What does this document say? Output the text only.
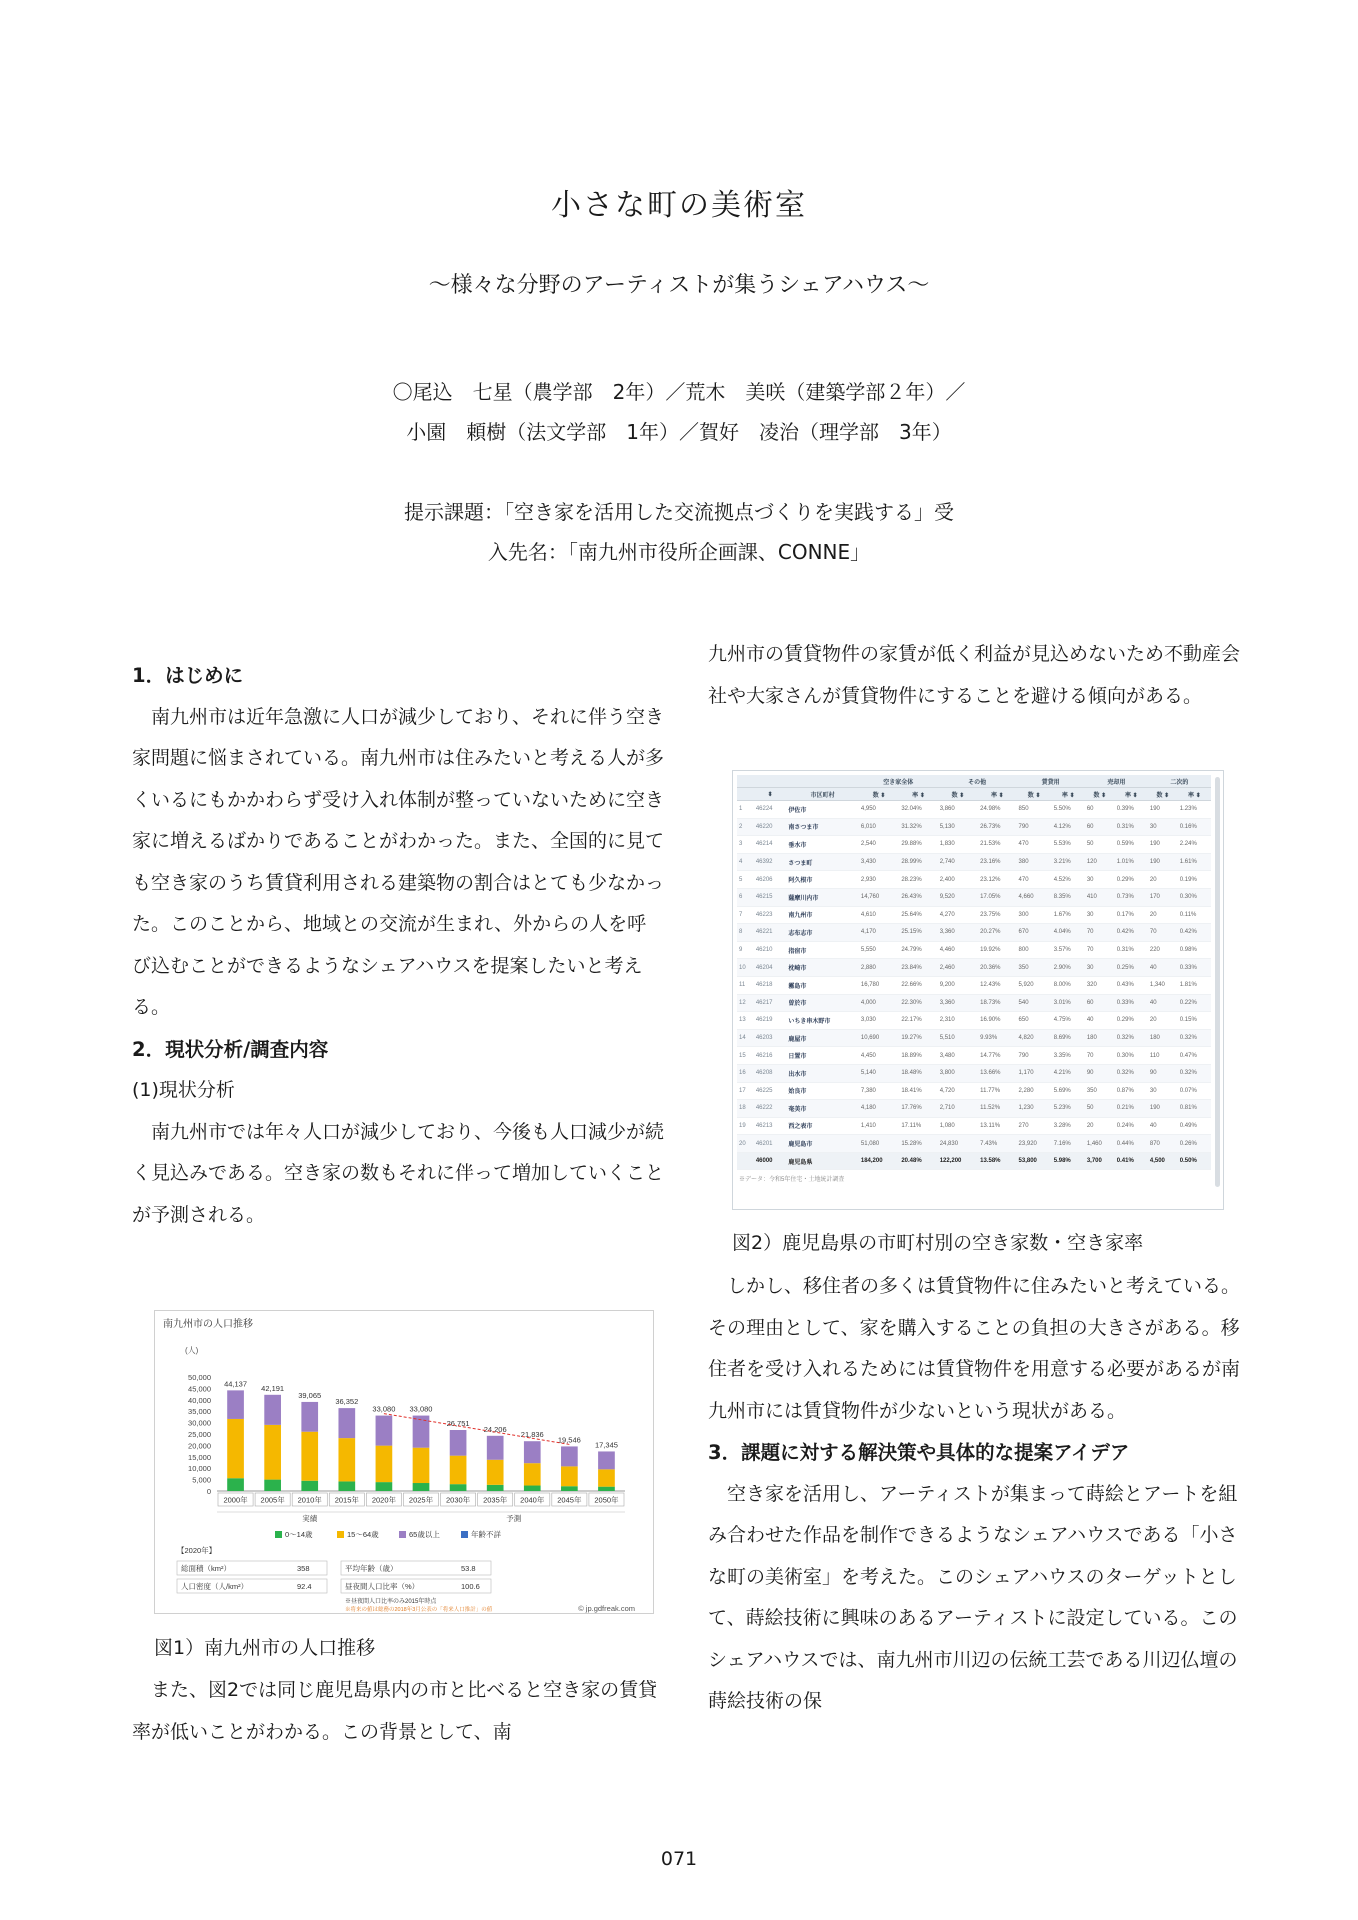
小さな町の美術室
～様々な分野のアーティストが集うシェアハウス～
〇尾込　七星（農学部　2年）／荒木　美咲（建築学部２年）／
小園　頼樹（法文学部　1年）／賀好　凌治（理学部　3年）
提示課題：「空き家を活用した交流拠点づくりを実践する」受
入先名：「南九州市役所企画課、CONNE」
1．はじめに

南九州市は近年急激に人口が減少しており、それに伴う空き家問題に悩まされている。南九州市は住みたいと考える人が多くいるにもかかわらず受け入れ体制が整っていないために空き家に増えるばかりであることがわかった。また、全国的に見ても空き家のうち賃貸利用される建築物の割合はとても少なかった。このことから、地域との交流が生まれ、外からの人を呼び込むことができるようなシェアハウスを提案したいと考える。

2．現状分析/調査内容

(1)現状分析

南九州市では年々人口が減少しており、今後も人口減少が続く見込みである。空き家の数もそれに伴って増加していくことが予測される。

南九州市の人口推移
(人)
50,000
45,000
40,000
35,000
30,000
25,000
20,000
15,000
10,000
5,000
0
44,137
2000年
42,191
2005年
39,065
2010年
36,352
2015年
33,080
2020年
33,080
2025年
26,751
2030年
24,206
2035年
21,836
2040年
19,546
2045年
17,345
2050年
実績	予測
0～14歳	15～64歳	65歳以上	年齢不詳
【2020年】
総面積（km²）	358
人口密度（人/km²）	92.4
平均年齢（歳）	53.8
昼夜間人口比率（%）	100.6
※昼夜間人口比率のみ2015年時点
※将来の値は総務の2018年3月公表の「将来人口推計」の値	© jp.gdfreak.com
図1）南九州市の人口推移
また、図2では同じ鹿児島県内の市と比べると空き家の賃貸率が低いことがわかる。この背景として、南
九州市の賃貸物件の家賃が低く利益が見込めないため不動産会社や大家さんが賃貸物件にすることを避ける傾向がある。
			空き家全体		その他		賃貸用		売却用		二次的	
	⬍	市区町村	数 ⬍	率 ⬍	数 ⬍	率 ⬍	数 ⬍	率 ⬍	数 ⬍	率 ⬍	数 ⬍	率 ⬍
1	46224	伊佐市	4,950	32.04%	3,860	24.98%	850	5.50%	60	0.39%	190	1.23%
2	46220	南さつま市	6,010	31.32%	5,130	26.73%	790	4.12%	60	0.31%	30	0.16%
3	46214	垂水市	2,540	29.88%	1,830	21.53%	470	5.53%	50	0.59%	190	2.24%
4	46392	さつま町	3,430	28.99%	2,740	23.16%	380	3.21%	120	1.01%	190	1.61%
5	46206	阿久根市	2,930	28.23%	2,400	23.12%	470	4.52%	30	0.29%	20	0.19%
6	46215	薩摩川内市	14,760	26.43%	9,520	17.05%	4,660	8.35%	410	0.73%	170	0.30%
7	46223	南九州市	4,610	25.64%	4,270	23.75%	300	1.67%	30	0.17%	20	0.11%
8	46221	志布志市	4,170	25.15%	3,360	20.27%	670	4.04%	70	0.42%	70	0.42%
9	46210	指宿市	5,550	24.79%	4,460	19.92%	800	3.57%	70	0.31%	220	0.98%
10	46204	枕崎市	2,880	23.84%	2,460	20.36%	350	2.90%	30	0.25%	40	0.33%
11	46218	霧島市	16,780	22.66%	9,200	12.43%	5,920	8.00%	320	0.43%	1,340	1.81%
12	46217	曽於市	4,000	22.30%	3,360	18.73%	540	3.01%	60	0.33%	40	0.22%
13	46219	いちき串木野市	3,030	22.17%	2,310	16.90%	650	4.75%	40	0.29%	20	0.15%
14	46203	鹿屋市	10,690	19.27%	5,510	9.93%	4,820	8.69%	180	0.32%	180	0.32%
15	46216	日置市	4,450	18.89%	3,480	14.77%	790	3.35%	70	0.30%	110	0.47%
16	46208	出水市	5,140	18.48%	3,800	13.66%	1,170	4.21%	90	0.32%	90	0.32%
17	46225	姶良市	7,380	18.41%	4,720	11.77%	2,280	5.69%	350	0.87%	30	0.07%
18	46222	奄美市	4,180	17.76%	2,710	11.52%	1,230	5.23%	50	0.21%	190	0.81%
19	46213	西之表市	1,410	17.11%	1,080	13.11%	270	3.28%	20	0.24%	40	0.49%
20	46201	鹿児島市	51,080	15.28%	24,830	7.43%	23,920	7.16%	1,460	0.44%	870	0.26%
	46000	鹿児島県	184,200	20.48%	122,200	13.58%	53,800	5.98%	3,700	0.41%	4,500	0.50%
※データ：令和5年住宅・土地統計調査
図2）鹿児島県の市町村別の空き家数・空き家率

しかし、移住者の多くは賃貸物件に住みたいと考えている。その理由として、家を購入することの負担の大きさがある。移住者を受け入れるためには賃貸物件を用意する必要があるが南九州市には賃貸物件が少ないという現状がある。

3．課題に対する解決策や具体的な提案アイデア

空き家を活用し、アーティストが集まって蒔絵とアートを組み合わせた作品を制作できるようなシェアハウスである「小さな町の美術室」を考えた。このシェアハウスのターゲットとして、蒔絵技術に興味のあるアーティストに設定している。このシェアハウスでは、南九州市川辺の伝統工芸である川辺仏壇の蒔絵技術の保

071
